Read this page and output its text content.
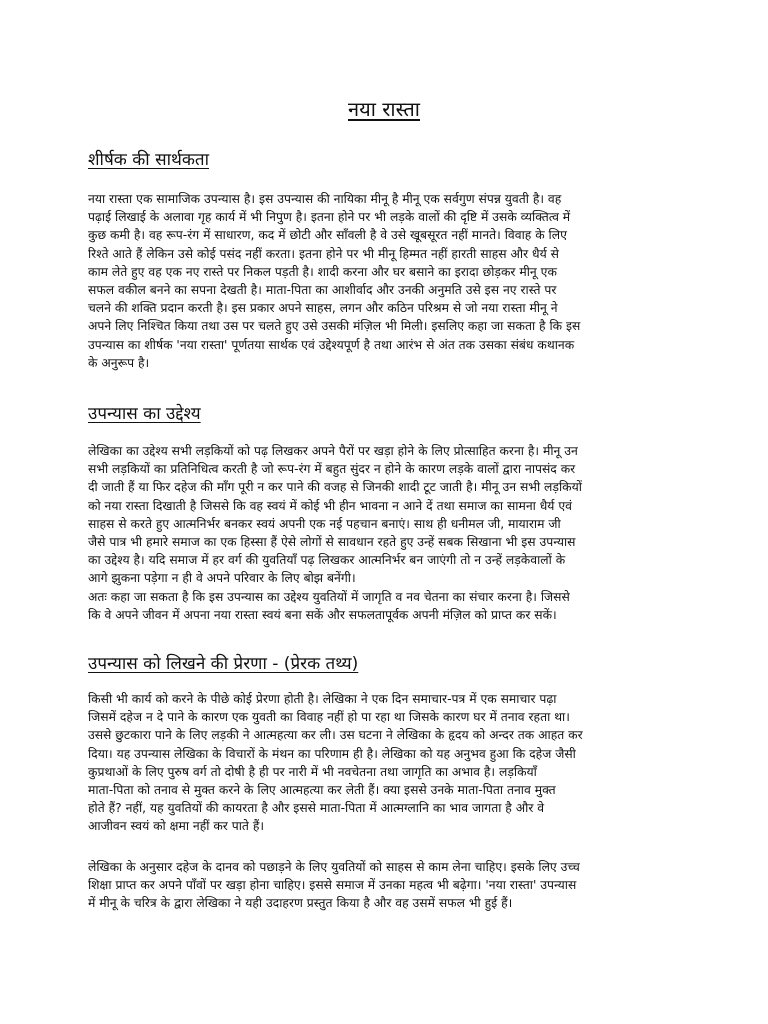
नया रास्ता
शीर्षक की सार्थकता
नया रास्ता एक सामाजिक उपन्यास है। इस उपन्यास की नायिका मीनू है मीनू एक सर्वगुण संपन्न युवती है। वह
पढ़ाई लिखाई के अलावा गृह कार्य में भी निपुण है। इतना होने पर भी लड़के वालों की दृष्टि में उसके व्यक्तित्व में
कुछ कमी है। वह रूप-रंग में साधारण, कद में छोटी और साँवली है वे उसे खूबसूरत नहीं मानते। विवाह के लिए
रिश्ते आते हैं लेकिन उसे कोई पसंद नहीं करता। इतना होने पर भी मीनू हिम्मत नहीं हारती साहस और धैर्य से
काम लेते हुए वह एक नए रास्ते पर निकल पड़ती है। शादी करना और घर बसाने का इरादा छोड़कर मीनू एक
सफल वकील बनने का सपना देखती है। माता-पिता का आशीर्वाद और उनकी अनुमति उसे इस नए रास्ते पर
चलने की शक्ति प्रदान करती है। इस प्रकार अपने साहस, लगन और कठिन परिश्रम से जो नया रास्ता मीनू ने
अपने लिए निश्चित किया तथा उस पर चलते हुए उसे उसकी मंज़िल भी मिली। इसलिए कहा जा सकता है कि इस
उपन्यास का शीर्षक 'नया रास्ता' पूर्णतया सार्थक एवं उद्देश्यपूर्ण है तथा आरंभ से अंत तक उसका संबंध कथानक
के अनुरूप है।
उपन्यास का उद्देश्य
लेखिका का उद्देश्य सभी लड़कियों को पढ़ लिखकर अपने पैरों पर खड़ा होने के लिए प्रोत्साहित करना है। मीनू उन
सभी लड़कियों का प्रतिनिधित्व करती है जो रूप-रंग में बहुत सुंदर न होने के कारण लड़के वालों द्वारा नापसंद कर
दी जाती हैं या फिर दहेज की माँग पूरी न कर पाने की वजह से जिनकी शादी टूट जाती है। मीनू उन सभी लड़कियों
को नया रास्ता दिखाती है जिससे कि वह स्वयं में कोई भी हीन भावना न आने दें तथा समाज का सामना धैर्य एवं
साहस से करते हुए आत्मनिर्भर बनकर स्वयं अपनी एक नई पहचान बनाएं। साथ ही धनीमल जी, मायाराम जी
जैसे पात्र भी हमारे समाज का एक हिस्सा हैं ऐसे लोगों से सावधान रहते हुए उन्हें सबक सिखाना भी इस उपन्यास
का उद्देश्य है। यदि समाज में हर वर्ग की युवतियाँ पढ़ लिखकर आत्मनिर्भर बन जाएंगी तो न उन्हें लड़केवालों के
आगे झुकना पड़ेगा न ही वे अपने परिवार के लिए बोझ बनेंगी।
अतः कहा जा सकता है कि इस उपन्यास का उद्देश्य युवतियों में जागृति व नव चेतना का संचार करना है। जिससे
कि वे अपने जीवन में अपना नया रास्ता स्वयं बना सकें और सफलतापूर्वक अपनी मंज़िल को प्राप्त कर सकें।
उपन्यास को लिखने की प्रेरणा - (प्रेरक तथ्य)
किसी भी कार्य को करने के पीछे कोई प्रेरणा होती है। लेखिका ने एक दिन समाचार-पत्र में एक समाचार पढ़ा
जिसमें दहेज न दे पाने के कारण एक युवती का विवाह नहीं हो पा रहा था जिसके कारण घर में तनाव रहता था।
उससे छुटकारा पाने के लिए लड़की ने आत्महत्या कर ली। उस घटना ने लेखिका के हृदय को अन्दर तक आहत कर
दिया। यह उपन्यास लेखिका के विचारों के मंथन का परिणाम ही है। लेखिका को यह अनुभव हुआ कि दहेज जैसी
कुप्रथाओं के लिए पुरुष वर्ग तो दोषी है ही पर नारी में भी नवचेतना तथा जागृति का अभाव है। लड़कियाँ
माता-पिता को तनाव से मुक्त करने के लिए आत्महत्या कर लेती हैं। क्या इससे उनके माता-पिता तनाव मुक्त
होते हैं? नहीं, यह युवतियों की कायरता है और इससे माता-पिता में आत्मग्लानि का भाव जागता है और वे
आजीवन स्वयं को क्षमा नहीं कर पाते हैं।
लेखिका के अनुसार दहेज के दानव को पछाड़ने के लिए युवतियों को साहस से काम लेना चाहिए। इसके लिए उच्च
शिक्षा प्राप्त कर अपने पाँवों पर खड़ा होना चाहिए। इससे समाज में उनका महत्व भी बढ़ेगा। 'नया रास्ता' उपन्यास
में मीनू के चरित्र के द्वारा लेखिका ने यही उदाहरण प्रस्तुत किया है और वह उसमें सफल भी हुई हैं।
